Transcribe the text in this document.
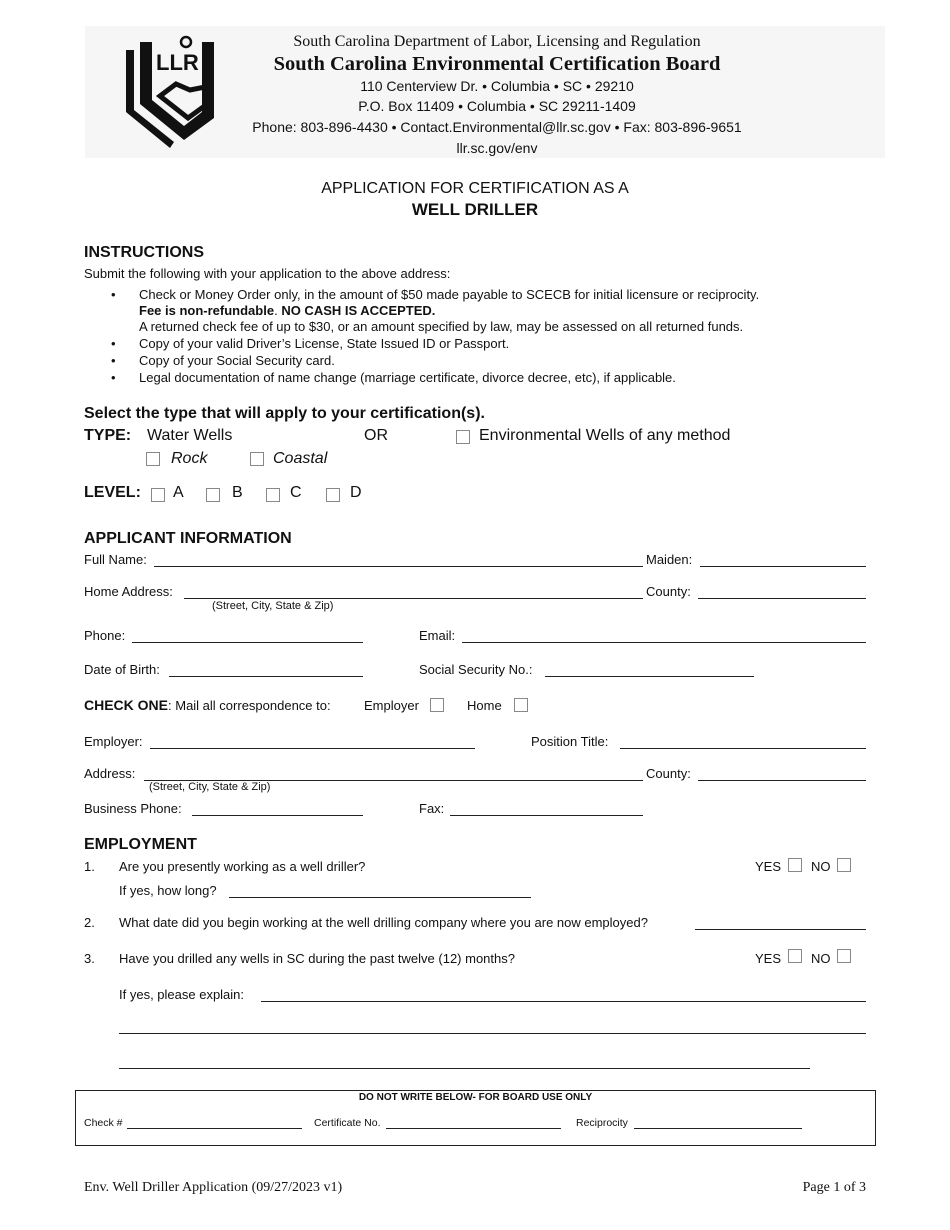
LLR
South Carolina Department of Labor, Licensing and Regulation
South Carolina Environmental Certification Board
110 Centerview Dr. • Columbia • SC • 29210
P.O. Box 11409 • Columbia • SC 29211-1409
Phone: 803-896-4430 • Contact.Environmental@llr.sc.gov • Fax: 803-896-9651
llr.sc.gov/env
APPLICATION FOR CERTIFICATION AS A
WELL DRILLER
INSTRUCTIONS
Submit the following with your application to the above address:
• Check or Money Order only, in the amount of $50 made payable to SCECB for initial licensure or reciprocity.
Fee is non-refundable. NO CASH IS ACCEPTED.
A returned check fee of up to $30, or an amount specified by law, may be assessed on all returned funds.
• Copy of your valid Driver’s License, State Issued ID or Passport.
• Copy of your Social Security card.
• Legal documentation of name change (marriage certificate, divorce decree, etc), if applicable.
Select the type that will apply to your certification(s).
TYPE: Water Wells	OR	Environmental Wells of any method
Rock	Coastal
LEVEL: A	B	C	D
APPLICANT INFORMATION
Full Name:	Maiden:
Home Address:
(Street, City, State & Zip)
County:
Phone:	Email:
Date of Birth:	Social Security No.:
CHECK ONE: Mail all correspondence to:	Employer	Home
Employer:	Position Title:
Address:
(Street, City, State & Zip)
County:
Business Phone:	Fax:
EMPLOYMENT
1. Are you presently working as a well driller?	YES NO
If yes, how long?
2. What date did you begin working at the well drilling company where you are now employed?
3. Have you drilled any wells in SC during the past twelve (12) months?	YES NO
If yes, please explain:
DO NOT WRITE BELOW- FOR BOARD USE ONLY
Check #	Certificate No.	Reciprocity
Env. Well Driller Application (09/27/2023 v1)	Page 1 of 3
